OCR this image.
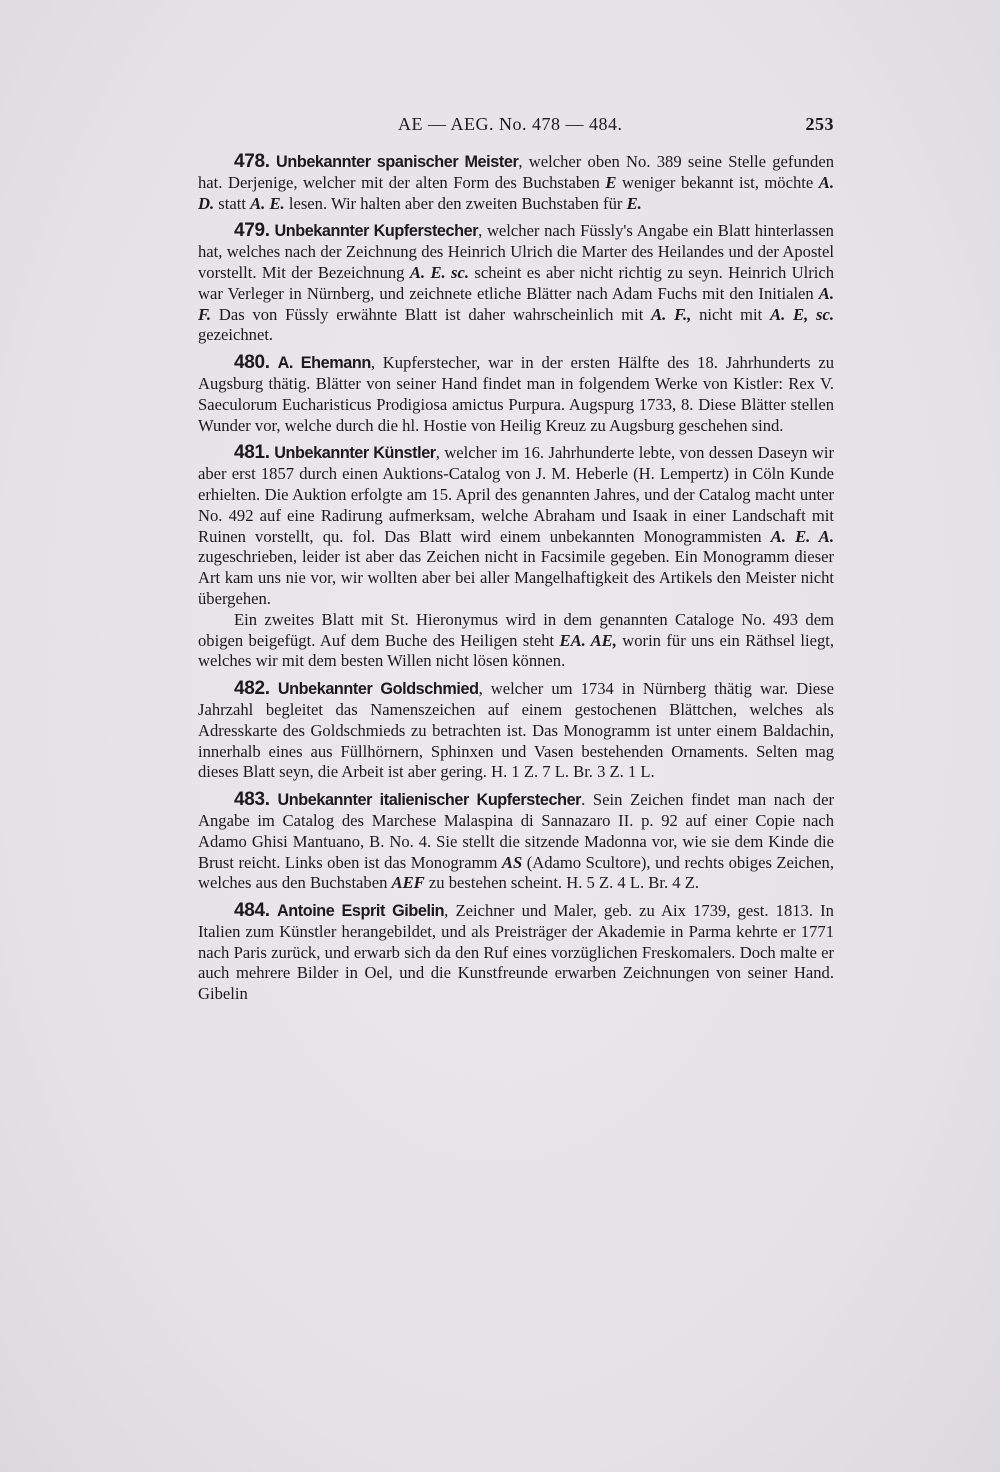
AE — AEG. No. 478 — 484.	253

478. Unbekannter spanischer Meister, welcher oben No. 389 seine Stelle gefunden hat. Derjenige, welcher mit der alten Form des Buchstaben E weniger bekannt ist, möchte A. D. statt A. E. lesen. Wir halten aber den zweiten Buchstaben für E.

479. Unbekannter Kupferstecher, welcher nach Füssly's Angabe ein Blatt hinterlassen hat, welches nach der Zeichnung des Heinrich Ulrich die Marter des Heilandes und der Apostel vorstellt. Mit der Bezeichnung A. E. sc. scheint es aber nicht richtig zu seyn. Heinrich Ulrich war Verleger in Nürnberg, und zeichnete etliche Blätter nach Adam Fuchs mit den Initialen A. F. Das von Füssly erwähnte Blatt ist daher wahrscheinlich mit A. F., nicht mit A. E, sc. gezeichnet.

480. A. Ehemann, Kupferstecher, war in der ersten Hälfte des 18. Jahrhunderts zu Augsburg thätig. Blätter von seiner Hand findet man in folgendem Werke von Kistler: Rex V. Saeculorum Eucharisticus Prodigiosa amictus Purpura. Augspurg 1733, 8. Diese Blätter stellen Wunder vor, welche durch die hl. Hostie von Heilig Kreuz zu Augsburg geschehen sind.

481. Unbekannter Künstler, welcher im 16. Jahrhunderte lebte, von dessen Daseyn wir aber erst 1857 durch einen Auktions-Catalog von J. M. Heberle (H. Lempertz) in Cöln Kunde erhielten. Die Auktion erfolgte am 15. April des genannten Jahres, und der Catalog macht unter No. 492 auf eine Radirung aufmerksam, welche Abraham und Isaak in einer Landschaft mit Ruinen vorstellt, qu. fol. Das Blatt wird einem unbekannten Monogrammisten A. E. A. zugeschrieben, leider ist aber das Zeichen nicht in Facsimile gegeben. Ein Monogramm dieser Art kam uns nie vor, wir wollten aber bei aller Mangelhaftigkeit des Artikels den Meister nicht übergehen.

Ein zweites Blatt mit St. Hieronymus wird in dem genannten Cataloge No. 493 dem obigen beigefügt. Auf dem Buche des Heiligen steht EA. AE, worin für uns ein Räthsel liegt, welches wir mit dem besten Willen nicht lösen können.

482. Unbekannter Goldschmied, welcher um 1734 in Nürnberg thätig war. Diese Jahrzahl begleitet das Namenszeichen auf einem gestochenen Blättchen, welches als Adresskarte des Goldschmieds zu betrachten ist. Das Monogramm ist unter einem Baldachin, innerhalb eines aus Füllhörnern, Sphinxen und Vasen bestehenden Ornaments. Selten mag dieses Blatt seyn, die Arbeit ist aber gering. H. 1 Z. 7 L. Br. 3 Z. 1 L.

483. Unbekannter italienischer Kupferstecher. Sein Zeichen findet man nach der Angabe im Catalog des Marchese Malaspina di Sannazaro II. p. 92 auf einer Copie nach Adamo Ghisi Mantuano, B. No. 4. Sie stellt die sitzende Madonna vor, wie sie dem Kinde die Brust reicht. Links oben ist das Monogramm AS (Adamo Scultore), und rechts obiges Zeichen, welches aus den Buchstaben AEF zu bestehen scheint. H. 5 Z. 4 L. Br. 4 Z.

484. Antoine Esprit Gibelin, Zeichner und Maler, geb. zu Aix 1739, gest. 1813. In Italien zum Künstler herangebildet, und als Preisträger der Akademie in Parma kehrte er 1771 nach Paris zurück, und erwarb sich da den Ruf eines vorzüglichen Freskomalers. Doch malte er auch mehrere Bilder in Oel, und die Kunstfreunde erwarben Zeichnungen von seiner Hand. Gibelin
